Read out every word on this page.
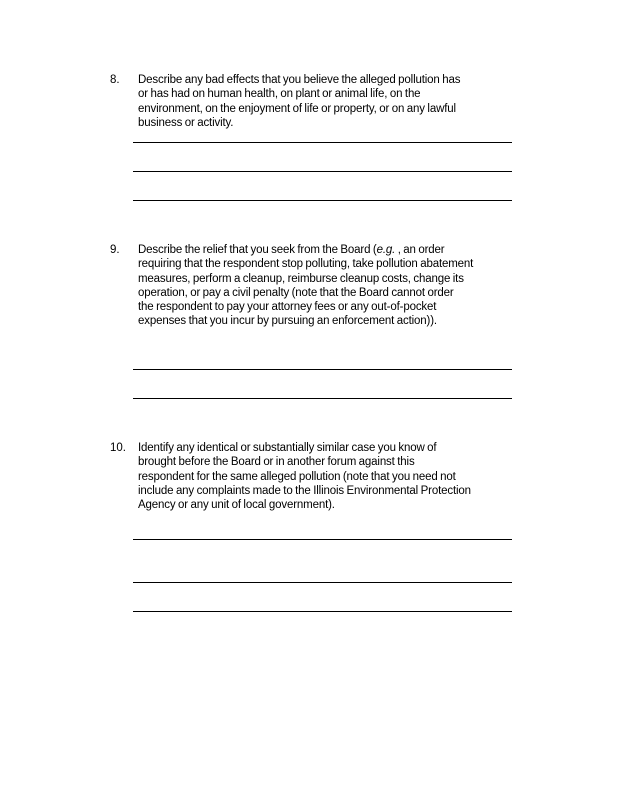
8. Describe any bad effects that you believe the alleged pollution has
or has had on human health, on plant or animal life, on the
environment, on the enjoyment of life or property, or on any lawful
business or activity.
9. Describe the relief that you seek from the Board (e.g. , an order
requiring that the respondent stop polluting, take pollution abatement
measures, perform a cleanup, reimburse cleanup costs, change its
operation, or pay a civil penalty (note that the Board cannot order
the respondent to pay your attorney fees or any out-of-pocket
expenses that you incur by pursuing an enforcement action)).
10. Identify any identical or substantially similar case you know of
brought before the Board or in another forum against this
respondent for the same alleged pollution (note that you need not
include any complaints made to the Illinois Environmental Protection
Agency or any unit of local government).
